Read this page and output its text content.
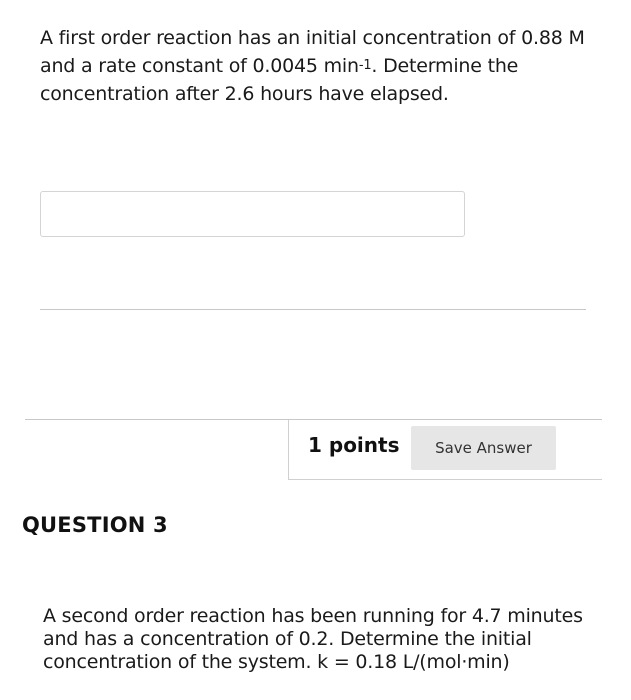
A first order reaction has an initial concentration of 0.88 M and a rate constant of 0.0045 $\min^{-1}$. Determine the concentration after 2.6 hours have elapsed.
1 points	Save Answer
QUESTION 3
A second order reaction has been running for 4.7 minutes and has a concentration of 0.2. Determine the initial concentration of the system. k = 0.18 L/(mol·min)
